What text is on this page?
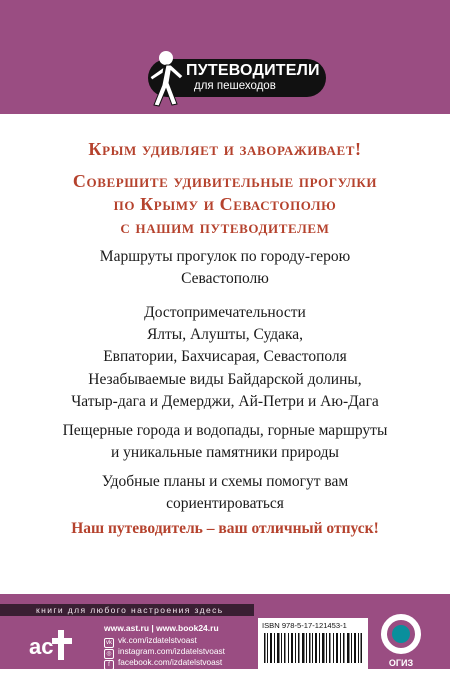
ПУТЕВОДИТЕЛИ
для пешеходов
Крым удивляет и завораживает!
Совершите удивительные прогулки
по Крыму и Севастополю
с нашим путеводителем
Маршруты прогулок по городу-герою
Севастополю
Достопримечательности
Ялты, Алушты, Судака,
Евпатории, Бахчисарая, Севастополя
Незабываемые виды Байдарской долины,
Чатыр-дага и Демерджи, Ай-Петри и Аю-Дага
Пещерные города и водопады, горные маршруты
и уникальные памятники природы
Удобные планы и схемы помогут вам
сориентироваться
Наш путеводитель – ваш отличный отпуск!
книги для любого настроения здесь
ac
www.ast.ru | www.book24.ru
vk vk.com/izdatelstvoast
◎ instagram.com/izdatelstvoast
f facebook.com/izdatelstvoast
ok ok.ru/izdatelstvoast
ISBN 978-5-17-121453-1
ОГИЗ
